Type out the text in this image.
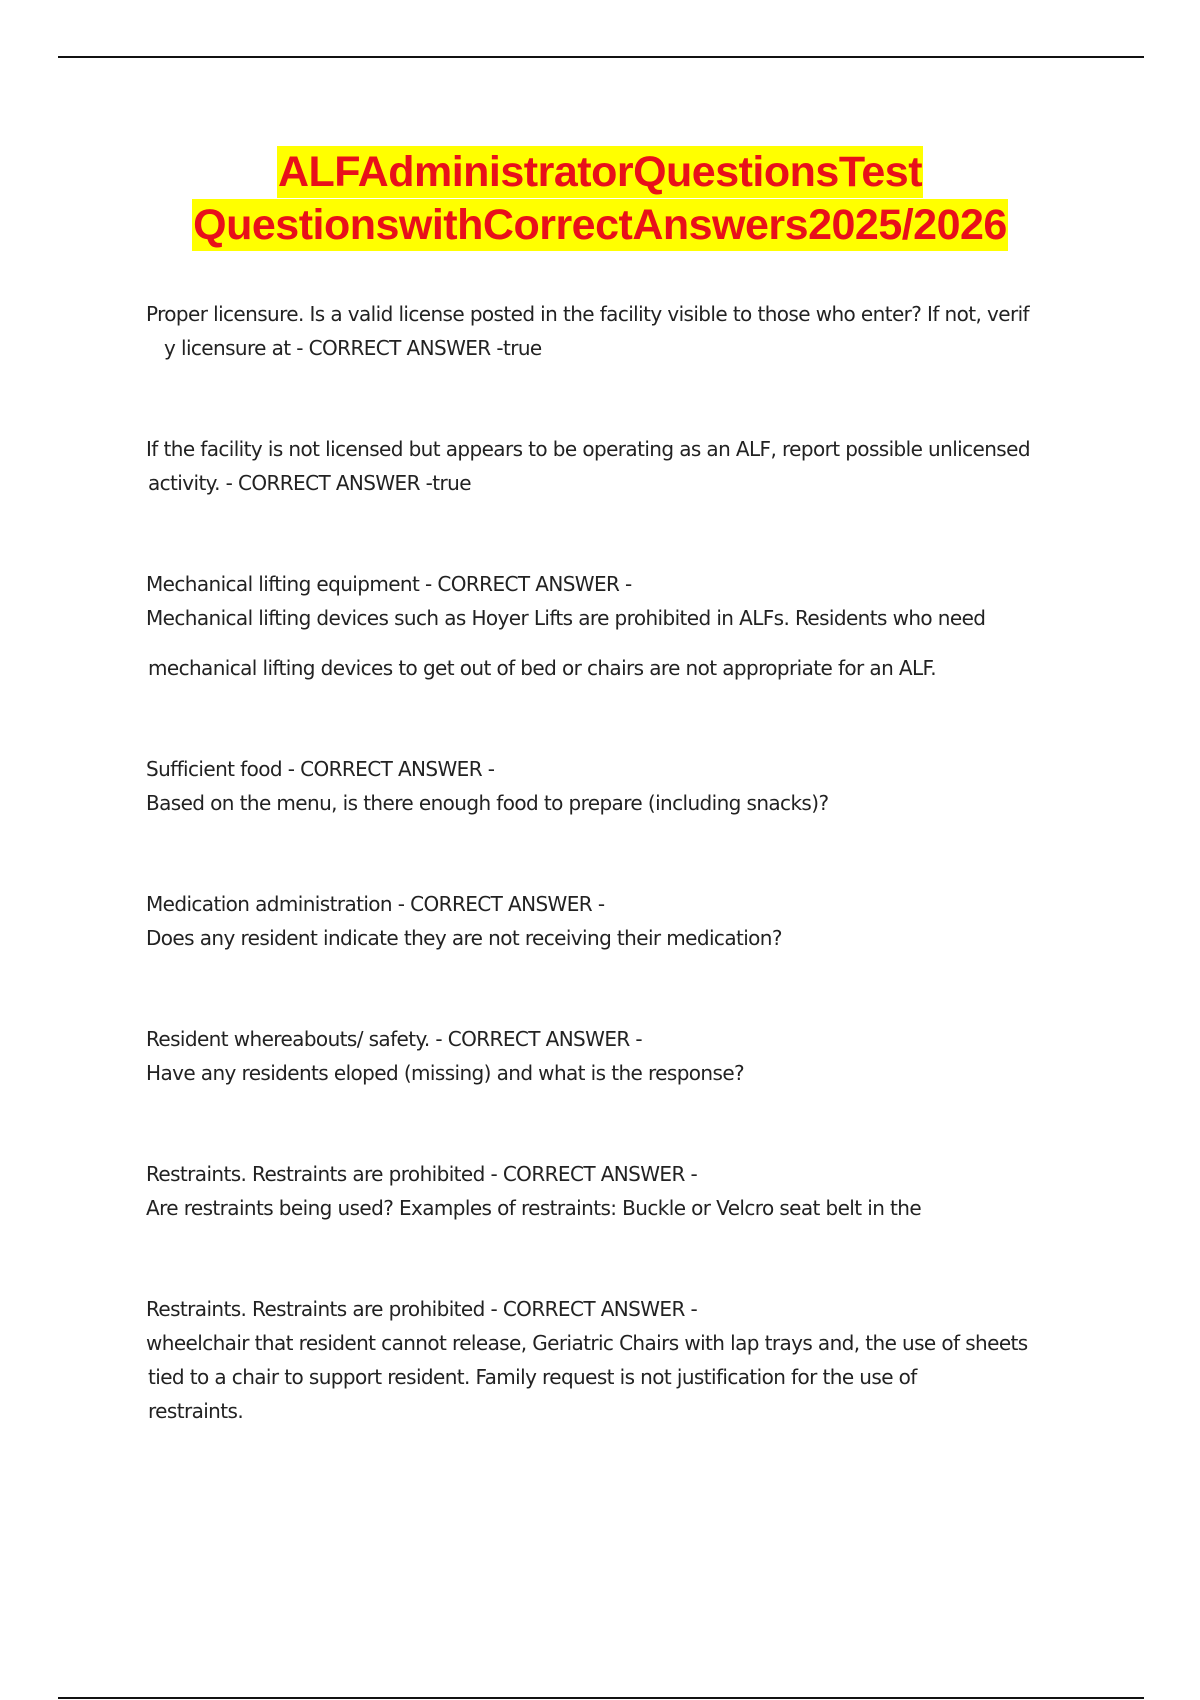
ALFAdministratorQuestionsTest
QuestionswithCorrectAnswers2025/2026
Proper licensure. Is a valid license posted in the facility visible to those who enter? If not, verif
y licensure at - CORRECT ANSWER -true
If the facility is not licensed but appears to be operating as an ALF, report possible unlicensed
activity. - CORRECT ANSWER -true
Mechanical lifting equipment - CORRECT ANSWER -
Mechanical lifting devices such as Hoyer Lifts are prohibited in ALFs. Residents who need
mechanical lifting devices to get out of bed or chairs are not appropriate for an ALF.
Sufficient food - CORRECT ANSWER -
Based on the menu, is there enough food to prepare (including snacks)?
Medication administration - CORRECT ANSWER -
Does any resident indicate they are not receiving their medication?
Resident whereabouts/ safety. - CORRECT ANSWER -
Have any residents eloped (missing) and what is the response?
Restraints. Restraints are prohibited - CORRECT ANSWER -
Are restraints being used? Examples of restraints: Buckle or Velcro seat belt in the
Restraints. Restraints are prohibited - CORRECT ANSWER -
wheelchair that resident cannot release, Geriatric Chairs with lap trays and, the use of sheets
tied to a chair to support resident. Family request is not justification for the use of
restraints.
